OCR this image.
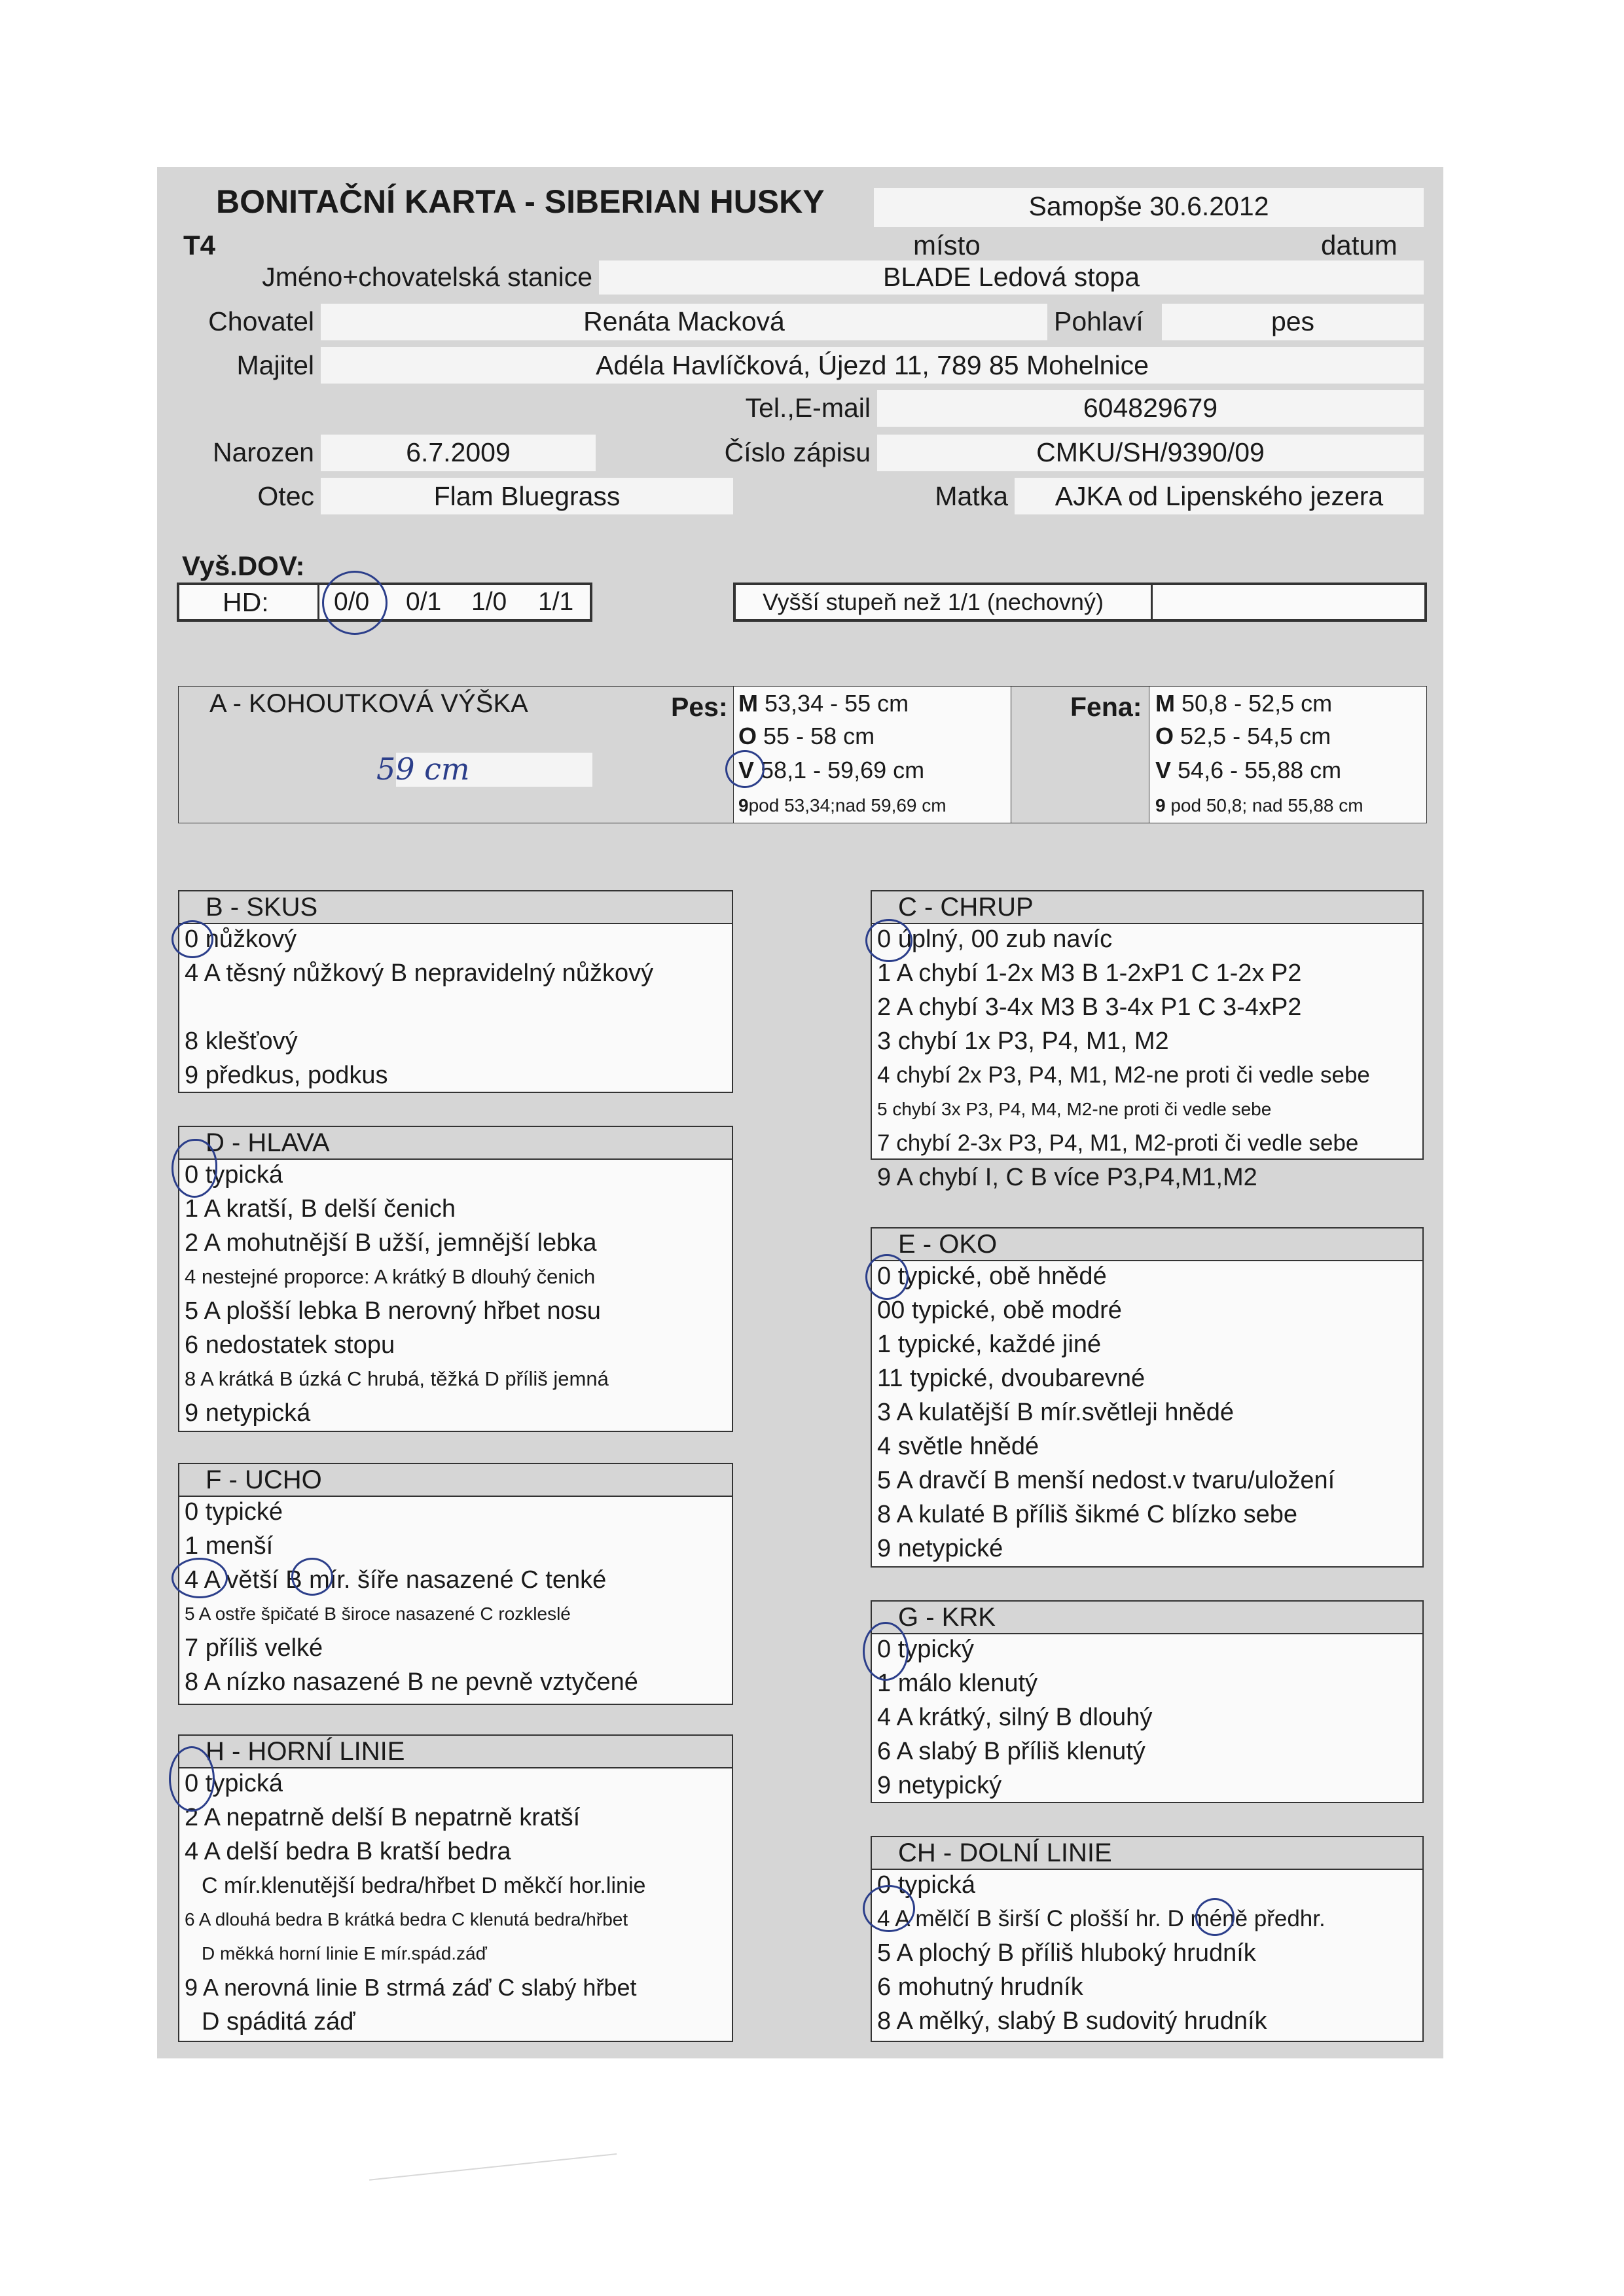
BONITAČNÍ KARTA - SIBERIAN HUSKY	Samopše 30.6.2012
T4	místo	datum
Jméno+chovatelská stanice	BLADE Ledová stopa
Chovatel	Renáta Macková	Pohlaví	pes
Majitel	Adéla Havlíčková, Újezd 11, 789 85 Mohelnice
Tel.,E-mail	604829679
Narozen	6.7.2009	Číslo zápisu	CMKU/SH/9390/09
Otec	Flam Bluegrass	Matka	AJKA od Lipenského jezera
Vyš.DOV:
HD:	0/0 0/1 1/0 1/1	Vyšší stupeň než 1/1 (nechovný)
A - KOHOUTKOVÁ VÝŠKA
59 cm
Pes: M 53,34 - 55 cm
O 55 - 58 cm
V 58,1 - 59,69 cm
9pod 53,34;nad 59,69 cm
Fena: M 50,8 - 52,5 cm
O 52,5 - 54,5 cm
V 54,6 - 55,88 cm
9 pod 50,8; nad 55,88 cm
B - SKUS
D - HLAVA
F - UCHO
H - HORNÍ LINIE
C - CHRUP
E - OKO
G - KRK
CH - DOLNÍ LINIE
0 nůžkový
4 A těsný nůžkový B nepravidelný nůžkový
8 klešťový
9 předkus, podkus
0 typická
1 A kratší, B delší čenich
2 A mohutnější B užší, jemnější lebka
4 nestejné proporce: A krátký B dlouhý čenich
5 A plošší lebka B nerovný hřbet nosu
6 nedostatek stopu
8 A krátká B úzká C hrubá, těžká D příliš jemná
9 netypická
0 typické
1 menší
4 A větší B mír. šíře nasazené C tenké
5 A ostře špičaté B široce nasazené C rozkleslé
7 příliš velké
8 A nízko nasazené B ne pevně vztyčené
0 typická
2 A nepatrně delší B nepatrně kratší
4 A delší bedra B kratší bedra
C mír.klenutější bedra/hřbet D měkčí hor.linie
6 A dlouhá bedra B krátká bedra C klenutá bedra/hřbet
D měkká horní linie E mír.spád.záď
9 A nerovná linie B strmá záď C slabý hřbet
D spáditá záď
0 úplný, 00 zub navíc
1 A chybí 1-2x M3 B 1-2xP1 C 1-2x P2
2 A chybí 3-4x M3 B 3-4x P1 C 3-4xP2
3 chybí 1x P3, P4, M1, M2
4 chybí 2x P3, P4, M1, M2-ne proti či vedle sebe
5 chybí 3x P3, P4, M4, M2-ne proti či vedle sebe
7 chybí 2-3x P3, P4, M1, M2-proti či vedle sebe
9 A chybí I, C B více P3,P4,M1,M2
0 typické, obě hnědé
00 typické, obě modré
1 typické, každé jiné
11 typické, dvoubarevné
3 A kulatější B mír.světleji hnědé
4 světle hnědé
5 A dravčí B menší nedost.v tvaru/uložení
8 A kulaté B příliš šikmé C blízko sebe
9 netypické
0 typický
1 málo klenutý
4 A krátký, silný B dlouhý
6 A slabý B příliš klenutý
9 netypický
0 typická
4 A mělčí B širší C plošší hr. D méně předhr.
5 A plochý B příliš hluboký hrudník
6 mohutný hrudník
8 A mělký, slabý B sudovitý hrudník
